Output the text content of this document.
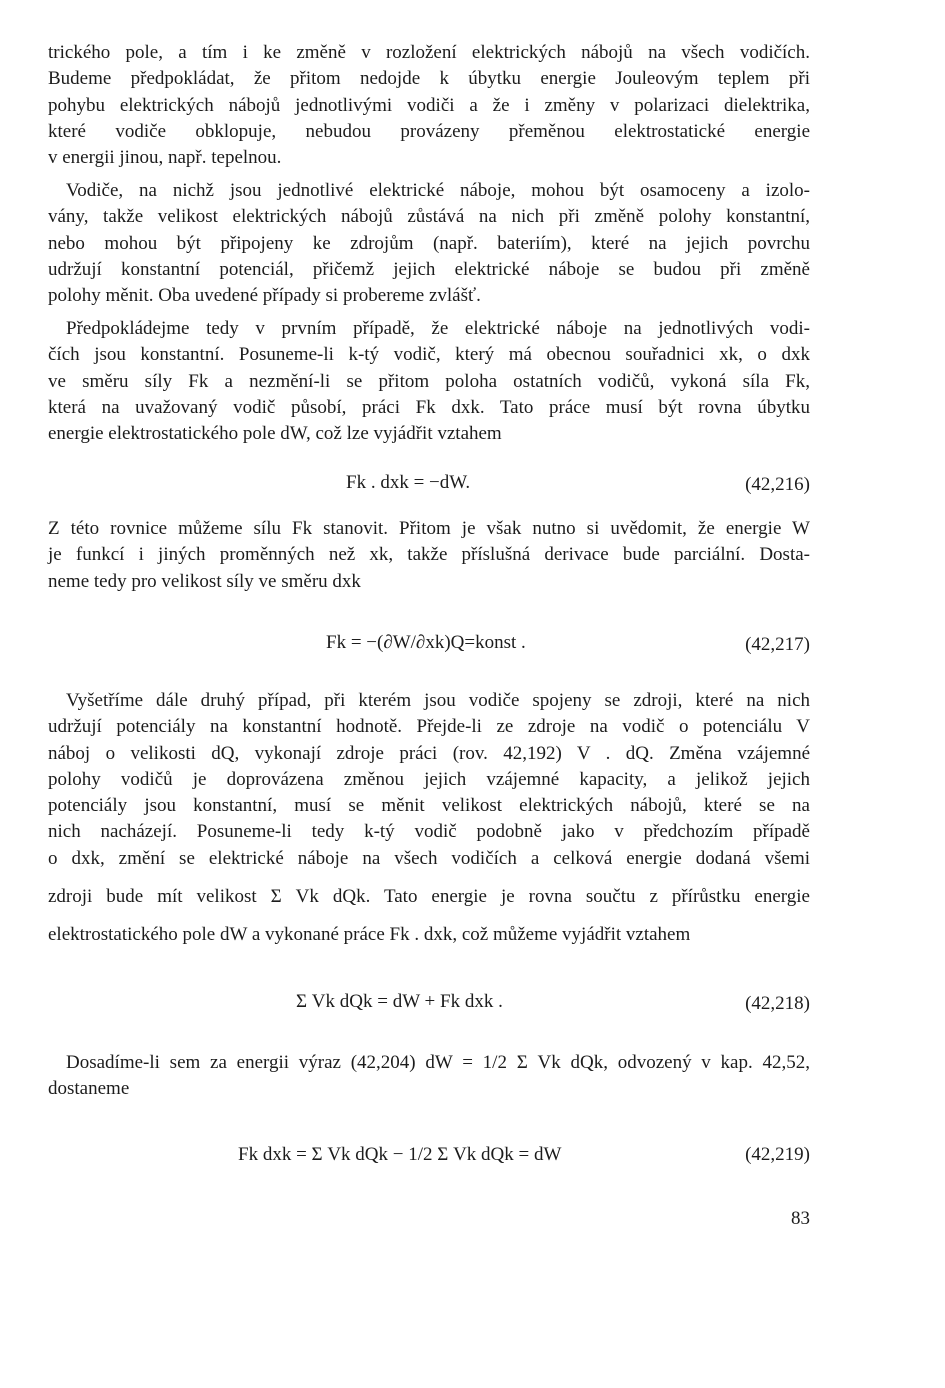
trického pole, a tím i ke změně v rozložení elektrických nábojů na všech vodičích.
Budeme předpokládat, že přitom nedojde k úbytku energie Jouleovým teplem při
pohybu elektrických nábojů jednotlivými vodiči a že i změny v polarizaci dielektrika,
které vodiče obklopuje, nebudou provázeny přeměnou elektrostatické energie
v energii jinou, např. tepelnou.

Vodiče, na nichž jsou jednotlivé elektrické náboje, mohou být osamoceny a izolo-
vány, takže velikost elektrických nábojů zůstává na nich při změně polohy konstantní,
nebo mohou být připojeny ke zdrojům (např. bateriím), které na jejich povrchu
udržují konstantní potenciál, přičemž jejich elektrické náboje se budou při změně
polohy měnit. Oba uvedené případy si probereme zvlášť.

Předpokládejme tedy v prvním případě, že elektrické náboje na jednotlivých vodi-
čích jsou konstantní. Posuneme-li k-tý vodič, který má obecnou souřadnici xk, o dxk
ve směru síly Fk a nezmění-li se přitom poloha ostatních vodičů, vykoná síla Fk,
která na uvažovaný vodič působí, práci Fk dxk. Tato práce musí být rovna úbytku
energie elektrostatického pole dW, což lze vyjádřit vztahem

Fk . dxk = −dW.	(42,216)

Z této rovnice můžeme sílu Fk stanovit. Přitom je však nutno si uvědomit, že energie W
je funkcí i jiných proměnných než xk, takže příslušná derivace bude parciální. Dosta-
neme tedy pro velikost síly ve směru dxk

Fk = −(∂W/∂xk)Q=konst .	(42,217)

Vyšetříme dále druhý případ, při kterém jsou vodiče spojeny se zdroji, které na nich
udržují potenciály na konstantní hodnotě. Přejde-li ze zdroje na vodič o potenciálu V
náboj o velikosti dQ, vykonají zdroje práci (rov. 42,192) V . dQ. Změna vzájemné
polohy vodičů je doprovázena změnou jejich vzájemné kapacity, a jelikož jejich
potenciály jsou konstantní, musí se měnit velikost elektrických nábojů, které se na
nich nacházejí. Posuneme-li tedy k-tý vodič podobně jako v předchozím případě
o dxk, změní se elektrické náboje na všech vodičích a celková energie dodaná všemi
zdroji bude mít velikost Σ Vk dQk. Tato energie je rovna součtu z přírůstku energie
elektrostatického pole dW a vykonané práce Fk . dxk, což můžeme vyjádřit vztahem

Σ Vk dQk = dW + Fk dxk .	(42,218)

Dosadíme-li sem za energii výraz (42,204) dW = 1/2 Σ Vk dQk, odvozený v kap. 42,52,
dostaneme

Fk dxk = Σ Vk dQk − 1/2 Σ Vk dQk = dW	(42,219)
83
